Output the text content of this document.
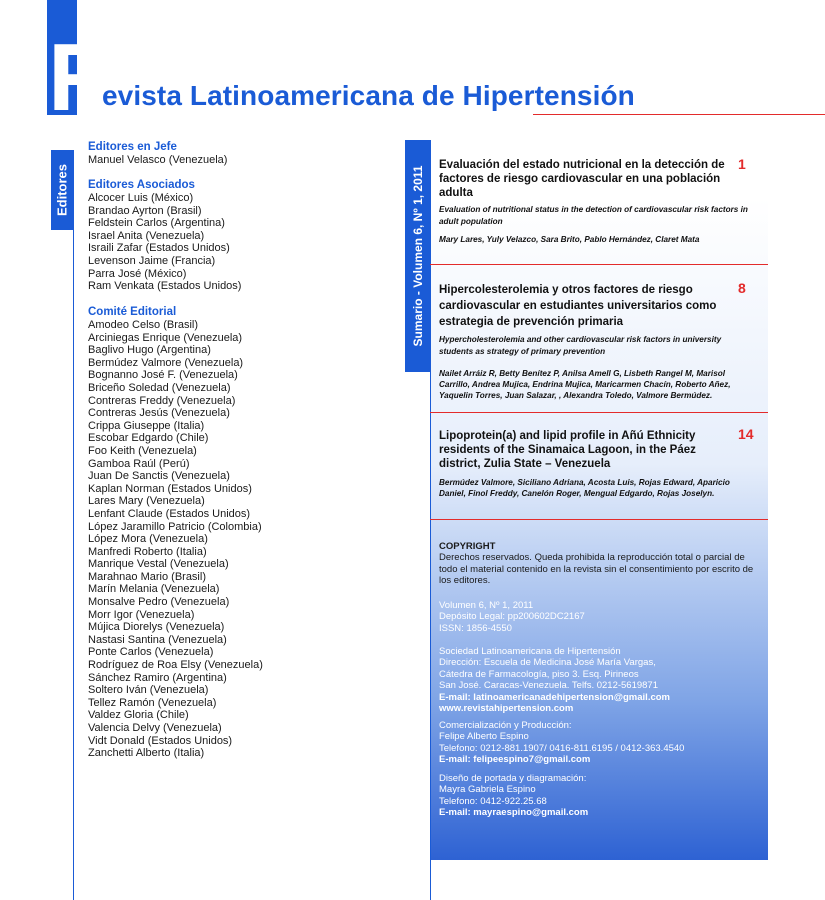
R
evista Latinoamericana de Hipertensión
Editores
Editores en Jefe
Manuel Velasco (Venezuela)
Editores Asociados
Alcocer Luis (México)
Brandao Ayrton (Brasil)
Feldstein Carlos (Argentina)
Israel Anita (Venezuela)
Israili Zafar (Estados Unidos)
Levenson Jaime (Francia)
Parra José (México)
Ram Venkata (Estados Unidos)
Comité Editorial
Amodeo Celso (Brasil)
Arciniegas Enrique (Venezuela)
Baglivo Hugo (Argentina)
Bermúdez Valmore (Venezuela)
Bognanno José F. (Venezuela)
Briceño Soledad (Venezuela)
Contreras Freddy (Venezuela)
Contreras Jesús (Venezuela)
Crippa Giuseppe (Italia)
Escobar Edgardo (Chile)
Foo Keith (Venezuela)
Gamboa Raúl (Perú)
Juan De Sanctis (Venezuela)
Kaplan Norman (Estados Unidos)
Lares Mary (Venezuela)
Lenfant Claude (Estados Unidos)
López Jaramillo Patricio (Colombia)
López Mora (Venezuela)
Manfredi Roberto (Italia)
Manrique Vestal (Venezuela)
Marahnao Mario (Brasil)
Marín Melania (Venezuela)
Monsalve Pedro (Venezuela)
Morr Igor (Venezuela)
Mújica Diorelys (Venezuela)
Nastasi Santina (Venezuela)
Ponte Carlos (Venezuela)
Rodríguez de Roa Elsy (Venezuela)
Sánchez Ramiro (Argentina)
Soltero Iván (Venezuela)
Tellez Ramón (Venezuela)
Valdez Gloria (Chile)
Valencia Delvy (Venezuela)
Vidt Donald (Estados Unidos)
Zanchetti Alberto (Italia)
Sumario - Volumen 6, Nº 1, 2011
Evaluación del estado nutricional en la detección de factores de riesgo cardiovascular en una población adulta
Evaluation of nutritional status in the detection of cardiovascular risk factors in adult population
Mary Lares, Yuly Velazco, Sara Brito, Pablo Hernández, Claret Mata
1
Hipercolesterolemia y otros factores de riesgo cardiovascular en estudiantes universitarios como estrategia de prevención primaria
Hypercholesterolemia and other cardiovascular risk factors in university students as strategy of primary prevention
Nailet Arráiz R, Betty Benítez P, Anilsa Amell G, Lisbeth Rangel M, Marisol Carrillo, Andrea Mujica, Endrina Mujica, Maricarmen Chacín, Roberto Añez, Yaquelin Torres, Juan Salazar, , Alexandra Toledo, Valmore Bermúdez.
8
Lipoprotein(a) and lipid profile in Añú Ethnicity residents of the Sinamaica Lagoon, in the Páez district, Zulia State – Venezuela
Bermúdez Valmore, Siciliano Adriana, Acosta Luis, Rojas Edward, Aparicio Daniel, Finol Freddy, Canelón Roger, Mengual Edgardo, Rojas Joselyn.
14
COPYRIGHT
Derechos reservados. Queda prohibida la reproducción total o parcial de todo el material contenido en la revista sin el consentimiento por escrito de los editores.
Volumen 6, Nº 1, 2011
Depósito Legal: pp200602DC2167
ISSN: 1856-4550
Sociedad Latinoamericana de Hipertensión
Dirección: Escuela de Medicina José María Vargas,
Cátedra de Farmacología, piso 3. Esq. Pirineos
San José. Caracas-Venezuela. Telfs. 0212-5619871
E-mail: latinoamericanadehipertension@gmail.com
www.revistahipertension.com
Comercialización y Producción:
Felipe Alberto Espino
Telefono: 0212-881.1907/ 0416-811.6195 / 0412-363.4540
E-mail: felipeespino7@gmail.com
Diseño de portada y diagramación:
Mayra Gabriela Espino
Telefono: 0412-922.25.68
E-mail: mayraespino@gmail.com
